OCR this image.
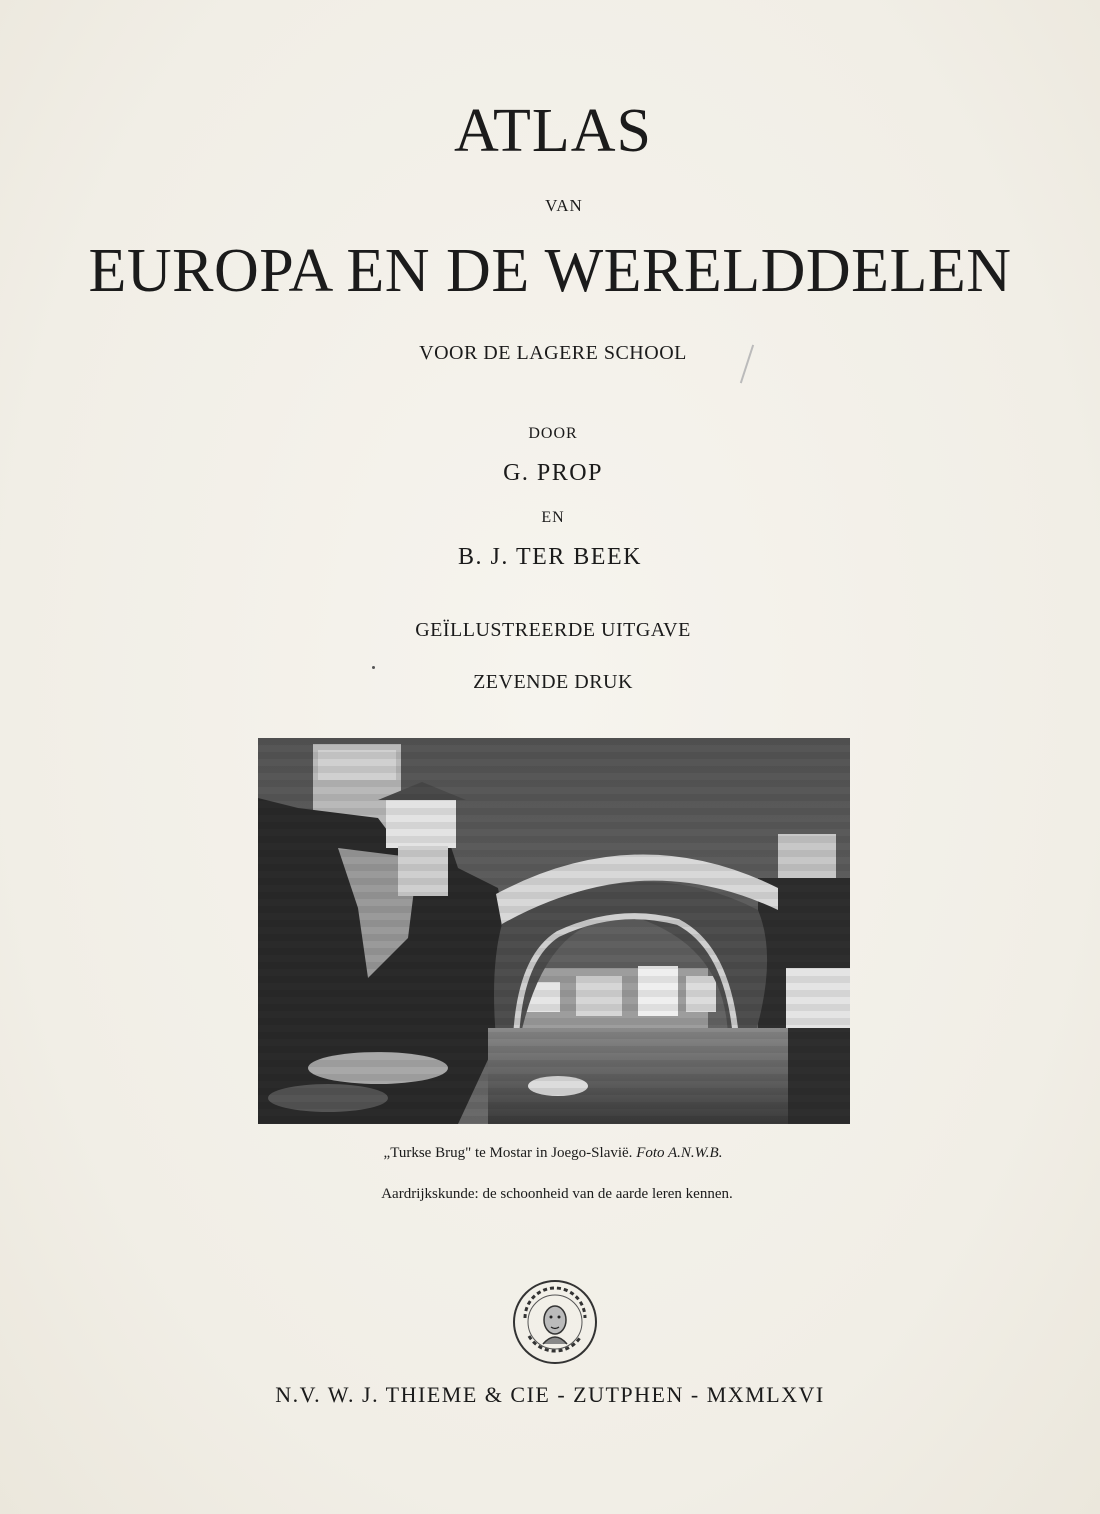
ATLAS
VAN
EUROPA EN DE WERELDDELEN
VOOR DE LAGERE SCHOOL
DOOR
G. PROP
EN
B. J. TER BEEK
GEÏLLUSTREERDE UITGAVE
ZEVENDE DRUK
„Turkse Brug" te Mostar in Joego-Slavië. Foto A.N.W.B.
Aardrijkskunde: de schoonheid van de aarde leren kennen.
N.V. W. J. THIEME & CIE - ZUTPHEN - MXMLXVI
